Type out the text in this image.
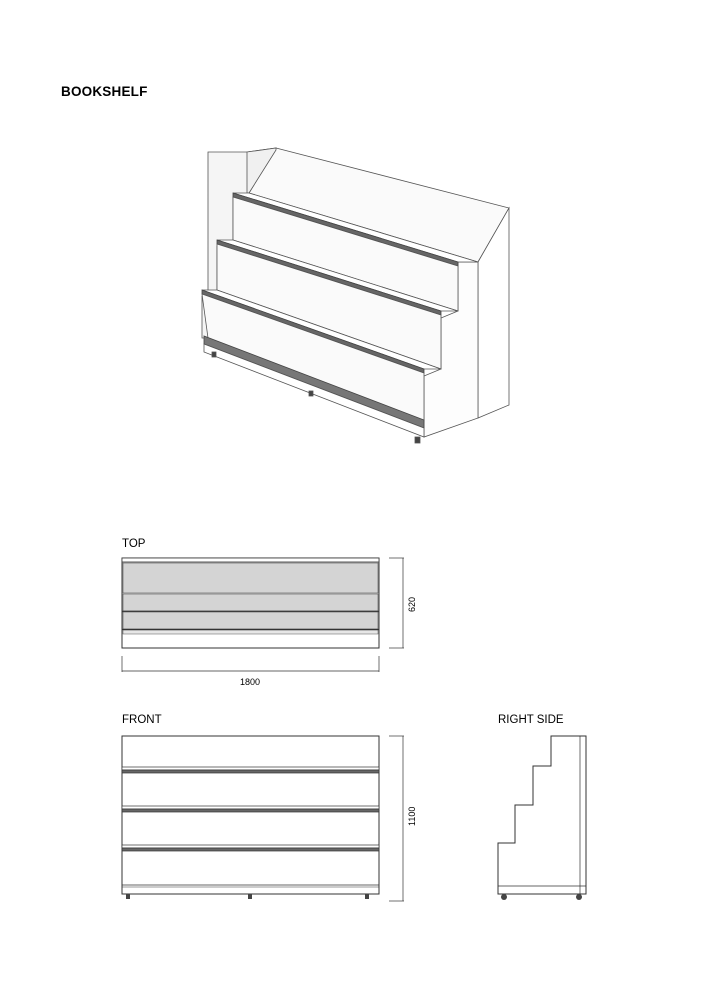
BOOKSHELF
TOP
FRONT	RIGHT SIDE
1800
620
1100
